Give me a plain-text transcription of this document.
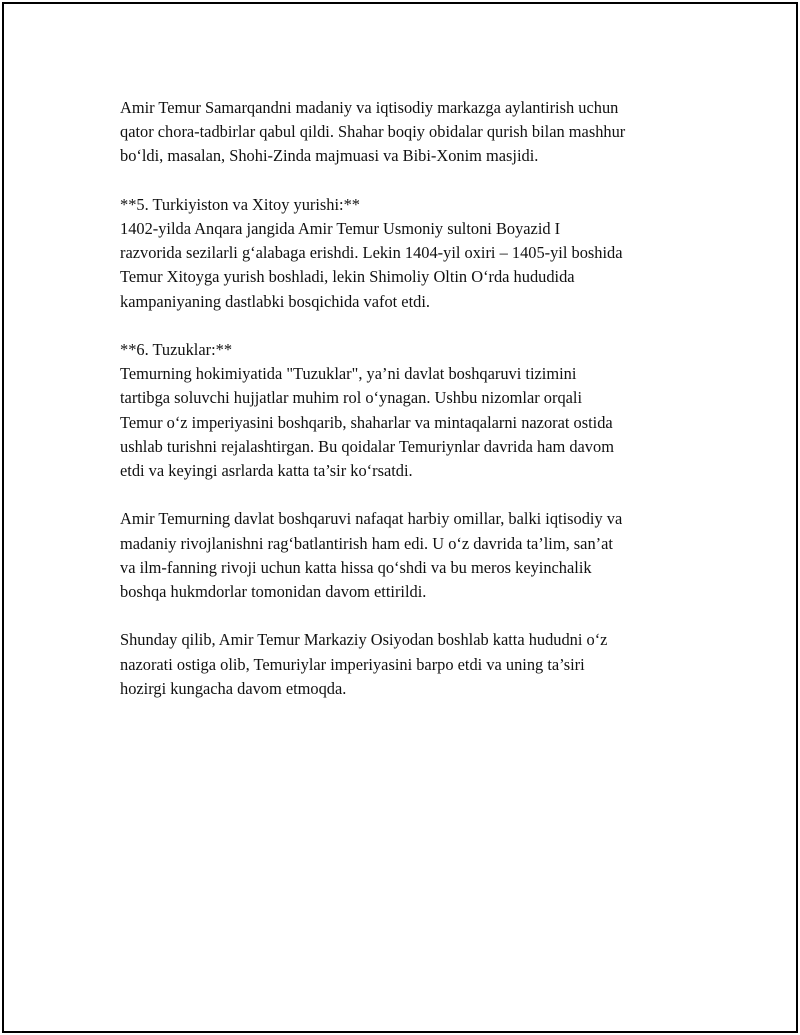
Amir Temur Samarqandni madaniy va iqtisodiy markazga aylantirish uchun
qator chora-tadbirlar qabul qildi. Shahar boqiy obidalar qurish bilan mashhur
bo‘ldi, masalan, Shohi-Zinda majmuasi va Bibi-Xonim masjidi.

**5. Turkiyiston va Xitoy yurishi:**

1402-yilda Anqara jangida Amir Temur Usmoniy sultoni Boyazid I
razvorida sezilarli g‘alabaga erishdi. Lekin 1404-yil oxiri – 1405-yil boshida
Temur Xitoyga yurish boshladi, lekin Shimoliy Oltin O‘rda hududida
kampaniyaning dastlabki bosqichida vafot etdi.

**6. Tuzuklar:**

Temurning hokimiyatida "Tuzuklar", ya’ni davlat boshqaruvi tizimini
tartibga soluvchi hujjatlar muhim rol o‘ynagan. Ushbu nizomlar orqali
Temur o‘z imperiyasini boshqarib, shaharlar va mintaqalarni nazorat ostida
ushlab turishni rejalashtirgan. Bu qoidalar Temuriynlar davrida ham davom
etdi va keyingi asrlarda katta ta’sir ko‘rsatdi.

Amir Temurning davlat boshqaruvi nafaqat harbiy omillar, balki iqtisodiy va
madaniy rivojlanishni rag‘batlantirish ham edi. U o‘z davrida ta’lim, san’at
va ilm-fanning rivoji uchun katta hissa qo‘shdi va bu meros keyinchalik
boshqa hukmdorlar tomonidan davom ettirildi.

Shunday qilib, Amir Temur Markaziy Osiyodan boshlab katta hududni o‘z
nazorati ostiga olib, Temuriylar imperiyasini barpo etdi va uning ta’siri
hozirgi kungacha davom etmoqda.
